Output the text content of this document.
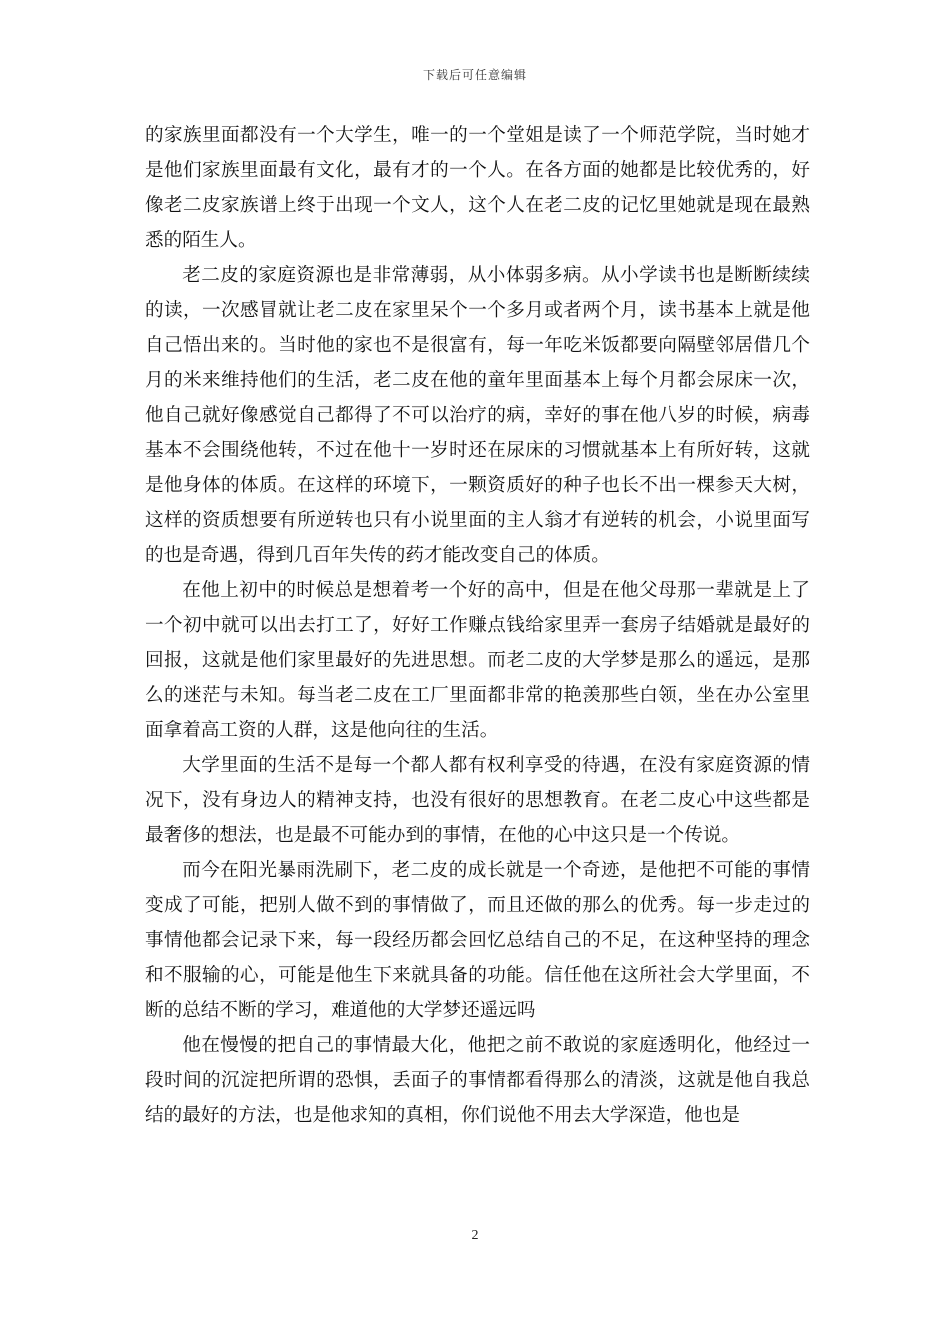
下载后可任意编辑

的家族里面都没有一个大学生，唯一的一个堂姐是读了一个师范学院，当时她才是他们家族里面最有文化，最有才的一个人。在各方面的她都是比较优秀的，好像老二皮家族谱上终于出现一个文人，这个人在老二皮的记忆里她就是现在最熟悉的陌生人。

老二皮的家庭资源也是非常薄弱，从小体弱多病。从小学读书也是断断续续的读，一次感冒就让老二皮在家里呆个一个多月或者两个月，读书基本上就是他自己悟出来的。当时他的家也不是很富有，每一年吃米饭都要向隔壁邻居借几个月的米来维持他们的生活，老二皮在他的童年里面基本上每个月都会尿床一次，他自己就好像感觉自己都得了不可以治疗的病，幸好的事在他八岁的时候，病毒基本不会围绕他转，不过在他十一岁时还在尿床的习惯就基本上有所好转，这就是他身体的体质。在这样的环境下，一颗资质好的种子也长不出一棵参天大树，这样的资质想要有所逆转也只有小说里面的主人翁才有逆转的机会，小说里面写的也是奇遇，得到几百年失传的药才能改变自己的体质。

在他上初中的时候总是想着考一个好的高中，但是在他父母那一辈就是上了一个初中就可以出去打工了，好好工作赚点钱给家里弄一套房子结婚就是最好的回报，这就是他们家里最好的先进思想。而老二皮的大学梦是那么的遥远，是那么的迷茫与未知。每当老二皮在工厂里面都非常的艳羡那些白领，坐在办公室里面拿着高工资的人群，这是他向往的生活。

大学里面的生活不是每一个都人都有权利享受的待遇，在没有家庭资源的情况下，没有身边人的精神支持，也没有很好的思想教育。在老二皮心中这些都是最奢侈的想法，也是最不可能办到的事情，在他的心中这只是一个传说。

而今在阳光暴雨洗刷下，老二皮的成长就是一个奇迹，是他把不可能的事情变成了可能，把别人做不到的事情做了，而且还做的那么的优秀。每一步走过的事情他都会记录下来，每一段经历都会回忆总结自己的不足，在这种坚持的理念和不服输的心，可能是他生下来就具备的功能。信任他在这所社会大学里面，不断的总结不断的学习，难道他的大学梦还遥远吗

他在慢慢的把自己的事情最大化，他把之前不敢说的家庭透明化，他经过一段时间的沉淀把所谓的恐惧，丢面子的事情都看得那么的清淡，这就是他自我总结的最好的方法，也是他求知的真相，你们说他不用去大学深造，他也是

2
